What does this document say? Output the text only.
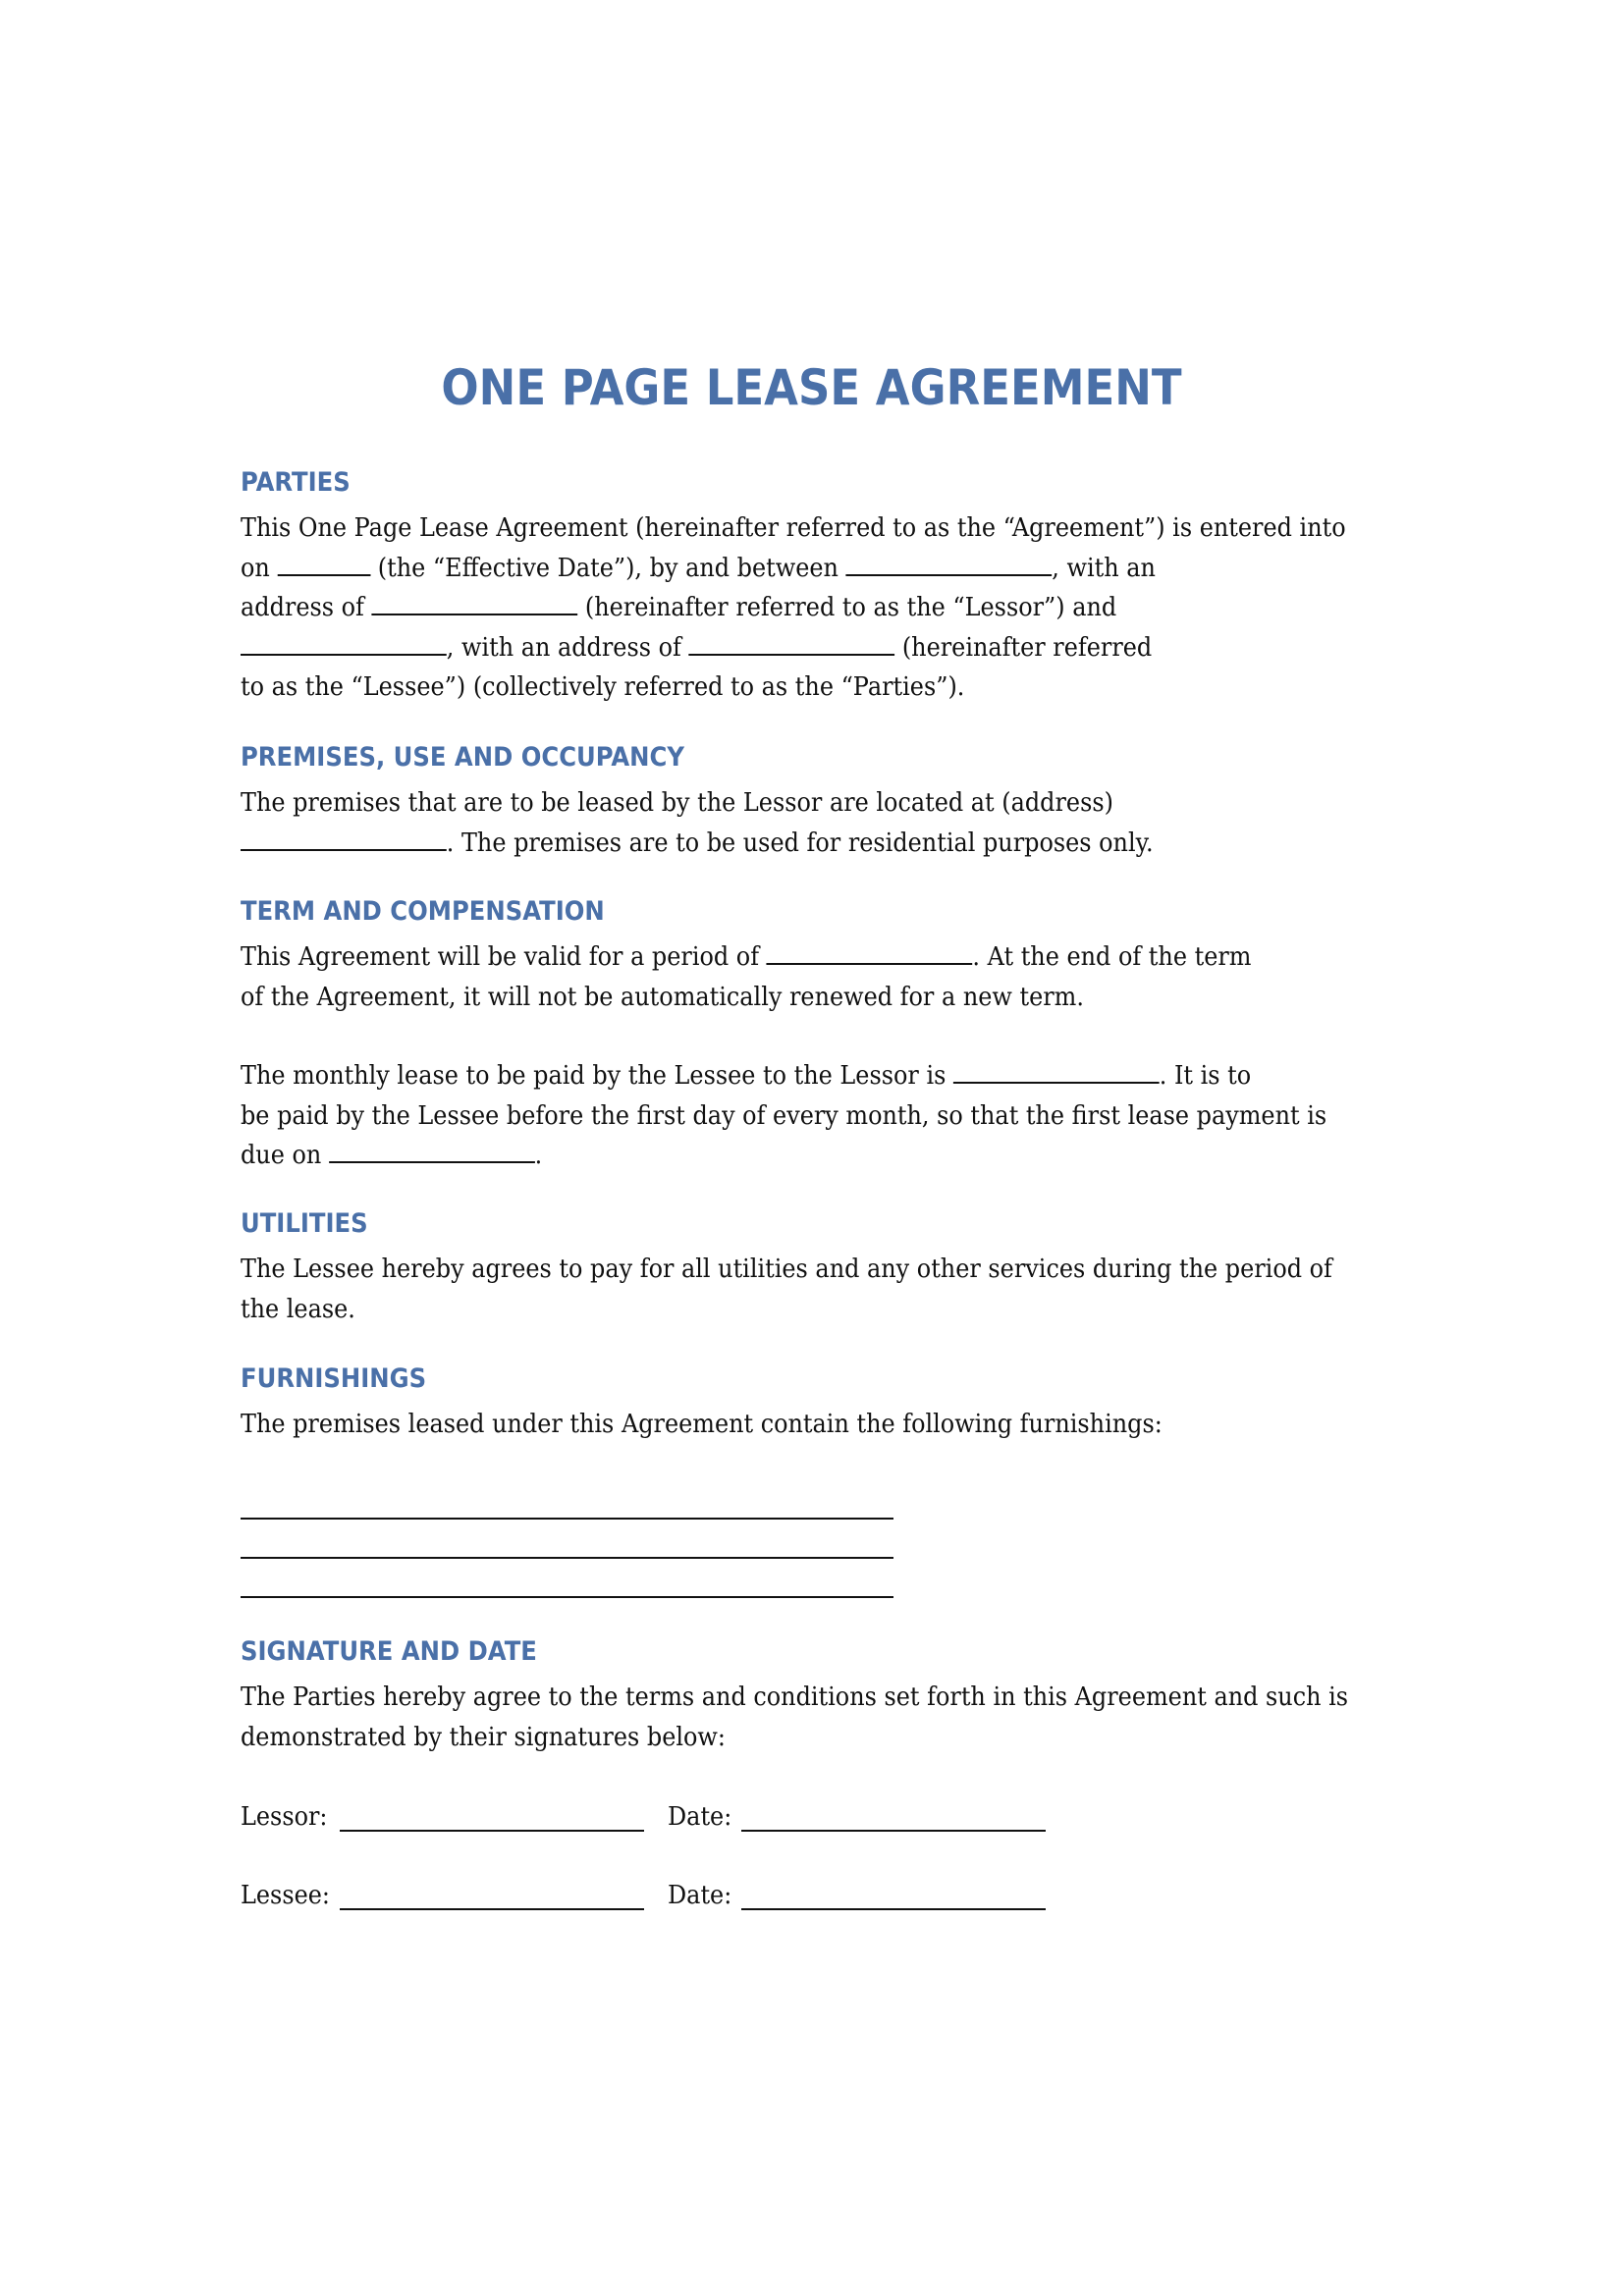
ONE PAGE LEASE AGREEMENT
PARTIES
This One Page Lease Agreement (hereinafter referred to as the “Agreement”) is entered into
on	(the “Effective Date”), by and between	, with an
address of	(hereinafter referred to as the “Lessor”) and
, with an address of	(hereinafter referred
to as the “Lessee”) (collectively referred to as the “Parties”).
PREMISES, USE AND OCCUPANCY
The premises that are to be leased by the Lessor are located at (address)
. The premises are to be used for residential purposes only.
TERM AND COMPENSATION
This Agreement will be valid for a period of	. At the end of the term
of the Agreement, it will not be automatically renewed for a new term.
The monthly lease to be paid by the Lessee to the Lessor is	. It is to
be paid by the Lessee before the first day of every month, so that the first lease payment is
due on	.
UTILITIES
The Lessee hereby agrees to pay for all utilities and any other services during the period of
the lease.
FURNISHINGS
The premises leased under this Agreement contain the following furnishings:
SIGNATURE AND DATE
The Parties hereby agree to the terms and conditions set forth in this Agreement and such is
demonstrated by their signatures below:
Lessor:	Date:
Lessee:	Date:
